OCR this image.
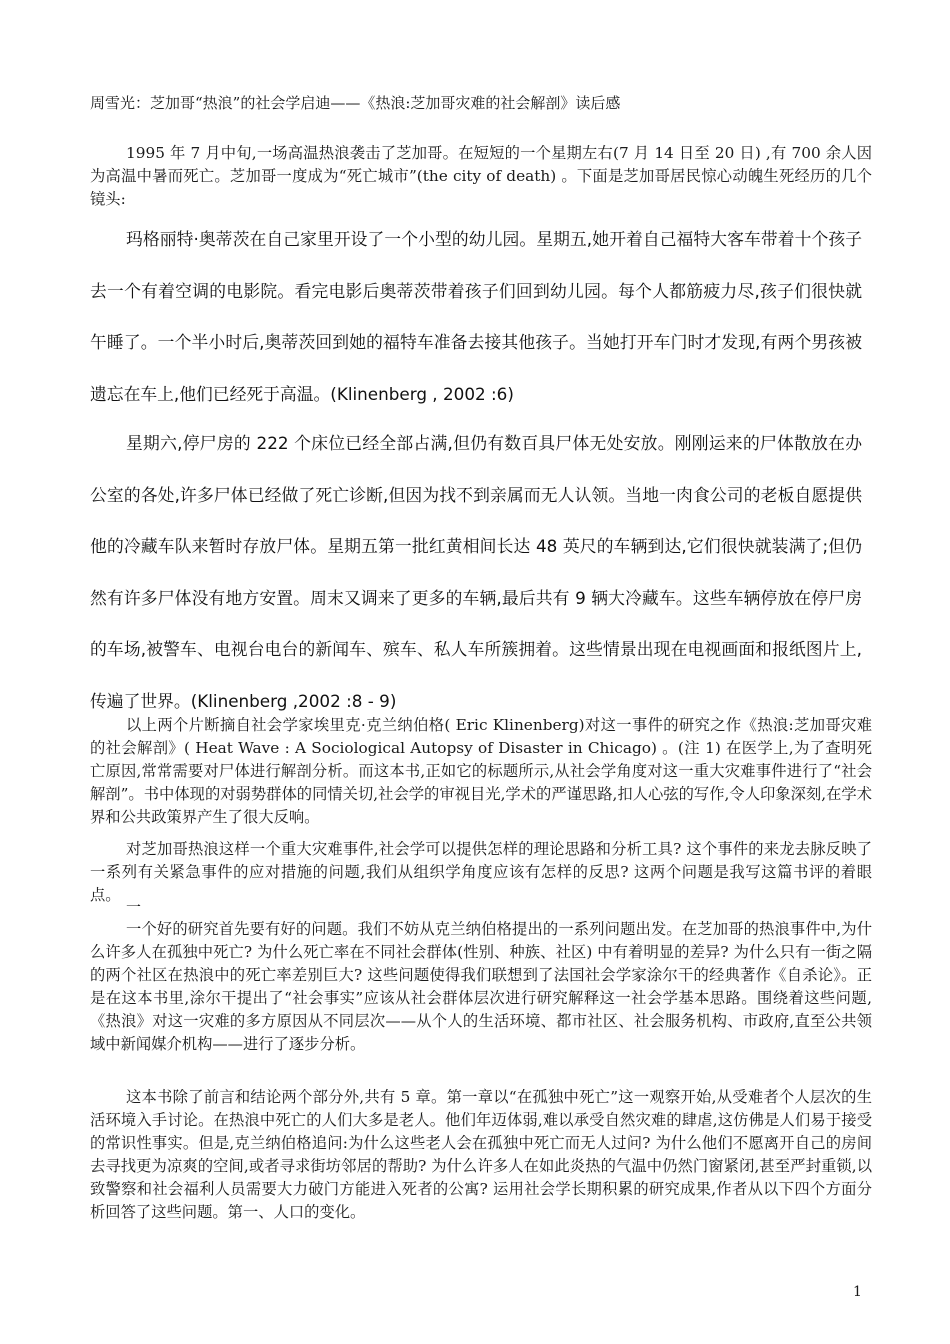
周雪光：芝加哥“热浪”的社会学启迪——《热浪:芝加哥灾难的社会解剖》读后感

1995 年 7 月中旬,一场高温热浪袭击了芝加哥。在短短的一个星期左右(7 月 14 日至 20 日) ,有 700 余人因为高温中暑而死亡。芝加哥一度成为“死亡城市”(the city of death) 。下面是芝加哥居民惊心动魄生死经历的几个镜头:

玛格丽特·奥蒂茨在自己家里开设了一个小型的幼儿园。星期五,她开着自己福特大客车带着十个孩子去一个有着空调的电影院。看完电影后奥蒂茨带着孩子们回到幼儿园。每个人都筋疲力尽,孩子们很快就午睡了。一个半小时后,奥蒂茨回到她的福特车准备去接其他孩子。当她打开车门时才发现,有两个男孩被遗忘在车上,他们已经死于高温。(Klinenberg , 2002 :6)

星期六,停尸房的 222 个床位已经全部占满,但仍有数百具尸体无处安放。刚刚运来的尸体散放在办公室的各处,许多尸体已经做了死亡诊断,但因为找不到亲属而无人认领。当地一肉食公司的老板自愿提供他的冷藏车队来暂时存放尸体。星期五第一批红黄相间长达 48 英尺的车辆到达,它们很快就装满了;但仍然有许多尸体没有地方安置。周末又调来了更多的车辆,最后共有 9 辆大冷藏车。这些车辆停放在停尸房的车场,被警车、电视台电台的新闻车、殡车、私人车所簇拥着。这些情景出现在电视画面和报纸图片上,传遍了世界。(Klinenberg ,2002 :8 - 9)

以上两个片断摘自社会学家埃里克·克兰纳伯格( Eric Klinenberg)对这一事件的研究之作《热浪:芝加哥灾难的社会解剖》( Heat Wave : A Sociological Autopsy of Disaster in Chicago) 。(注 1) 在医学上,为了查明死亡原因,常常需要对尸体进行解剖分析。而这本书,正如它的标题所示,从社会学角度对这一重大灾难事件进行了“社会解剖”。书中体现的对弱势群体的同情关切,社会学的审视目光,学术的严谨思路,扣人心弦的写作,令人印象深刻,在学术界和公共政策界产生了很大反响。

对芝加哥热浪这样一个重大灾难事件,社会学可以提供怎样的理论思路和分析工具? 这个事件的来龙去脉反映了一系列有关紧急事件的应对措施的问题,我们从组织学角度应该有怎样的反思? 这两个问题是我写这篇书评的着眼点。

一

一个好的研究首先要有好的问题。我们不妨从克兰纳伯格提出的一系列问题出发。在芝加哥的热浪事件中,为什么许多人在孤独中死亡? 为什么死亡率在不同社会群体(性别、种族、社区) 中有着明显的差异? 为什么只有一街之隔的两个社区在热浪中的死亡率差别巨大? 这些问题使得我们联想到了法国社会学家涂尔干的经典著作《自杀论》。正是在这本书里,涂尔干提出了“社会事实”应该从社会群体层次进行研究解释这一社会学基本思路。围绕着这些问题, 《热浪》对这一灾难的多方原因从不同层次——从个人的生活环境、都市社区、社会服务机构、市政府,直至公共领域中新闻媒介机构——进行了逐步分析。

这本书除了前言和结论两个部分外,共有 5 章。第一章以“在孤独中死亡”这一观察开始,从受难者个人层次的生活环境入手讨论。在热浪中死亡的人们大多是老人。他们年迈体弱,难以承受自然灾难的肆虐,这仿佛是人们易于接受的常识性事实。但是,克兰纳伯格追问:为什么这些老人会在孤独中死亡而无人过问? 为什么他们不愿离开自己的房间去寻找更为凉爽的空间,或者寻求街坊邻居的帮助? 为什么许多人在如此炎热的气温中仍然门窗紧闭,甚至严封重锁,以致警察和社会福利人员需要大力破门方能进入死者的公寓? 运用社会学长期积累的研究成果,作者从以下四个方面分析回答了这些问题。第一、人口的变化。

1
